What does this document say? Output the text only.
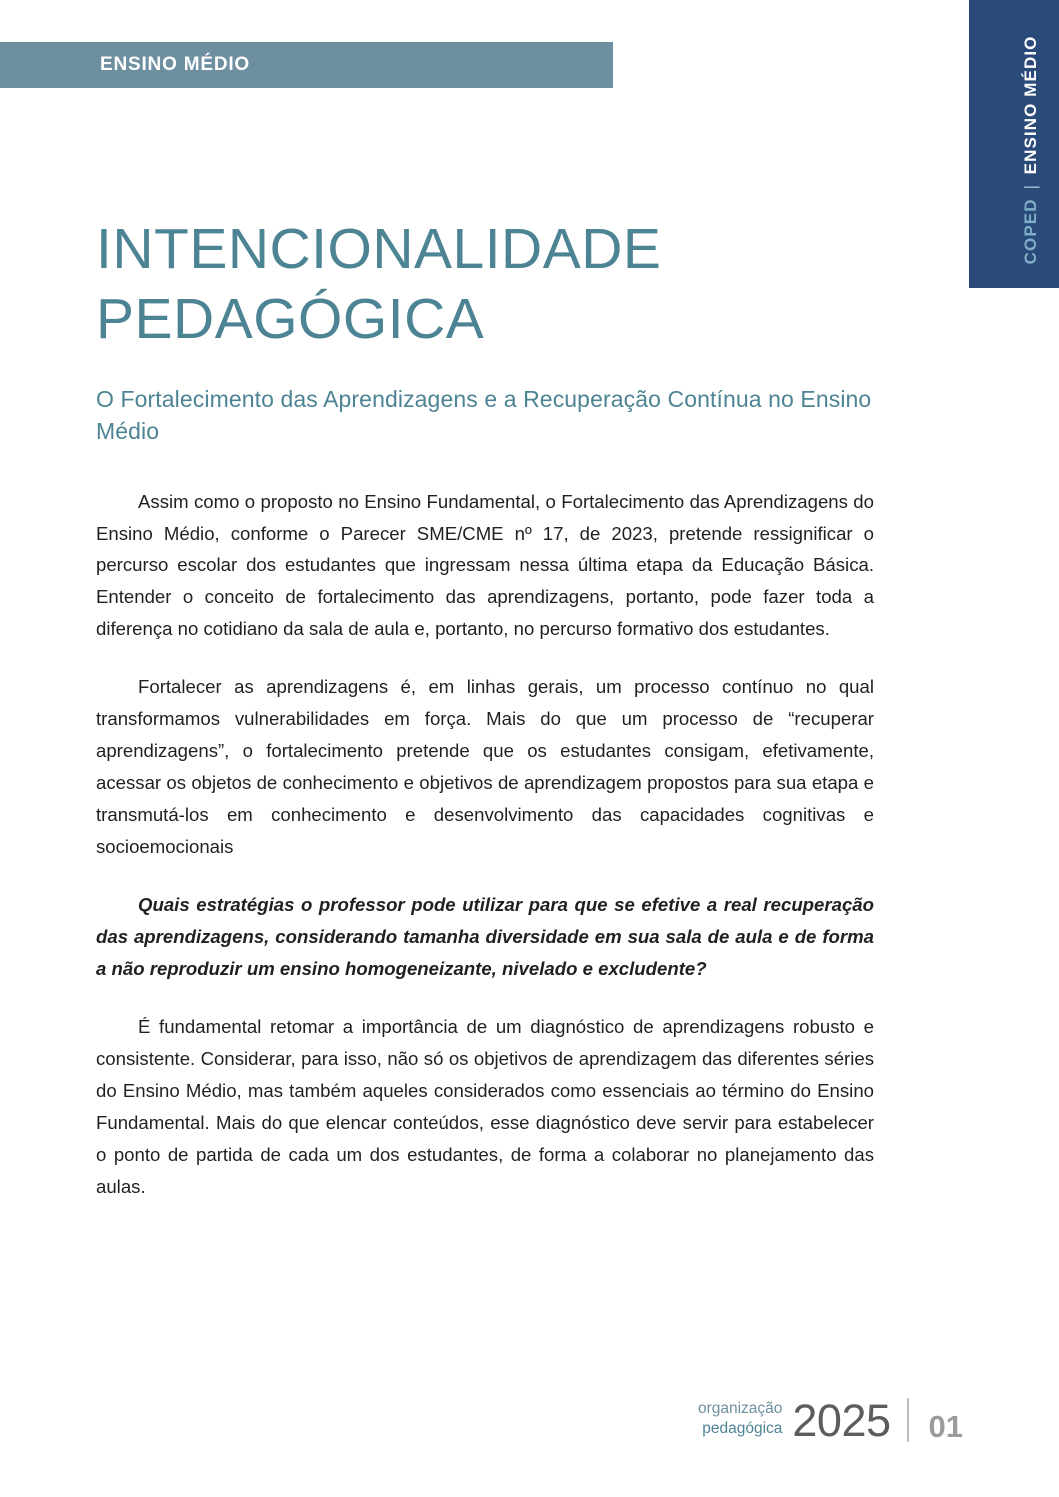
ENSINO MÉDIO
COPED
|
ENSINO MÉDIO
INTENCIONALIDADE PEDAGÓGICA
O Fortalecimento das Aprendizagens e a Recuperação Contínua no Ensino Médio

Assim como o proposto no Ensino Fundamental, o Fortalecimento das Aprendizagens do Ensino Médio, conforme o Parecer SME/CME nº 17, de 2023, pretende ressignificar o percurso escolar dos estudantes que ingressam nessa última etapa da Educação Básica. Entender o conceito de fortalecimento das aprendizagens, portanto, pode fazer toda a diferença no cotidiano da sala de aula e, portanto, no percurso formativo dos estudantes.

Fortalecer as aprendizagens é, em linhas gerais, um processo contínuo no qual transformamos vulnerabilidades em força. Mais do que um processo de “recuperar aprendizagens”, o fortalecimento pretende que os estudantes consigam, efetivamente, acessar os objetos de conhecimento e objetivos de aprendizagem propostos para sua etapa e transmutá-los em conhecimento e desenvolvimento das capacidades cognitivas e socioemocionais

Quais estratégias o professor pode utilizar para que se efetive a real recuperação das aprendizagens, considerando tamanha diversidade em sua sala de aula e de forma a não reproduzir um ensino homogeneizante, nivelado e excludente?

É fundamental retomar a importância de um diagnóstico de aprendizagens robusto e consistente. Considerar, para isso, não só os objetivos de aprendizagem das diferentes séries do Ensino Médio, mas também aqueles considerados como essenciais ao término do Ensino Fundamental. Mais do que elencar conteúdos, esse diagnóstico deve servir para estabelecer o ponto de partida de cada um dos estudantes, de forma a colaborar no planejamento das aulas.

organização
pedagógica 2025 01
